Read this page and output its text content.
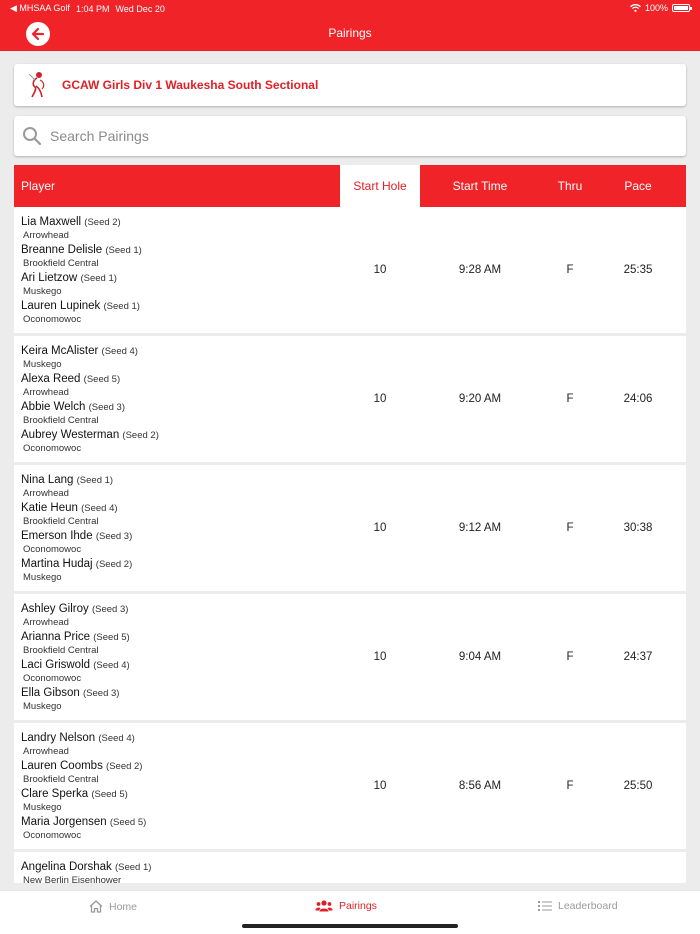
◀ MHSAA Golf 1:04 PM Wed Dec 20	100%
Pairings
GCAW Girls Div 1 Waukesha South Sectional
Search Pairings
Player	Start Hole	Start Time	Thru	Pace
Lia Maxwell (Seed 2)
Arrowhead
Breanne Delisle (Seed 1)
Brookfield Central
Ari Lietzow (Seed 1)
Muskego
Lauren Lupinek (Seed 1)
Oconomowoc
10	9:28 AM	F	25:35
Keira McAlister (Seed 4)
Muskego
Alexa Reed (Seed 5)
Arrowhead
Abbie Welch (Seed 3)
Brookfield Central
Aubrey Westerman (Seed 2)
Oconomowoc
10	9:20 AM	F	24:06
Nina Lang (Seed 1)
Arrowhead
Katie Heun (Seed 4)
Brookfield Central
Emerson Ihde (Seed 3)
Oconomowoc
Martina Hudaj (Seed 2)
Muskego
10	9:12 AM	F	30:38
Ashley Gilroy (Seed 3)
Arrowhead
Arianna Price (Seed 5)
Brookfield Central
Laci Griswold (Seed 4)
Oconomowoc
Ella Gibson (Seed 3)
Muskego
10	9:04 AM	F	24:37
Landry Nelson (Seed 4)
Arrowhead
Lauren Coombs (Seed 2)
Brookfield Central
Clare Sperka (Seed 5)
Muskego
Maria Jorgensen (Seed 5)
Oconomowoc
10	8:56 AM	F	25:50
Angelina Dorshak (Seed 1)
New Berlin Eisenhower
Home	Pairings	Leaderboard
